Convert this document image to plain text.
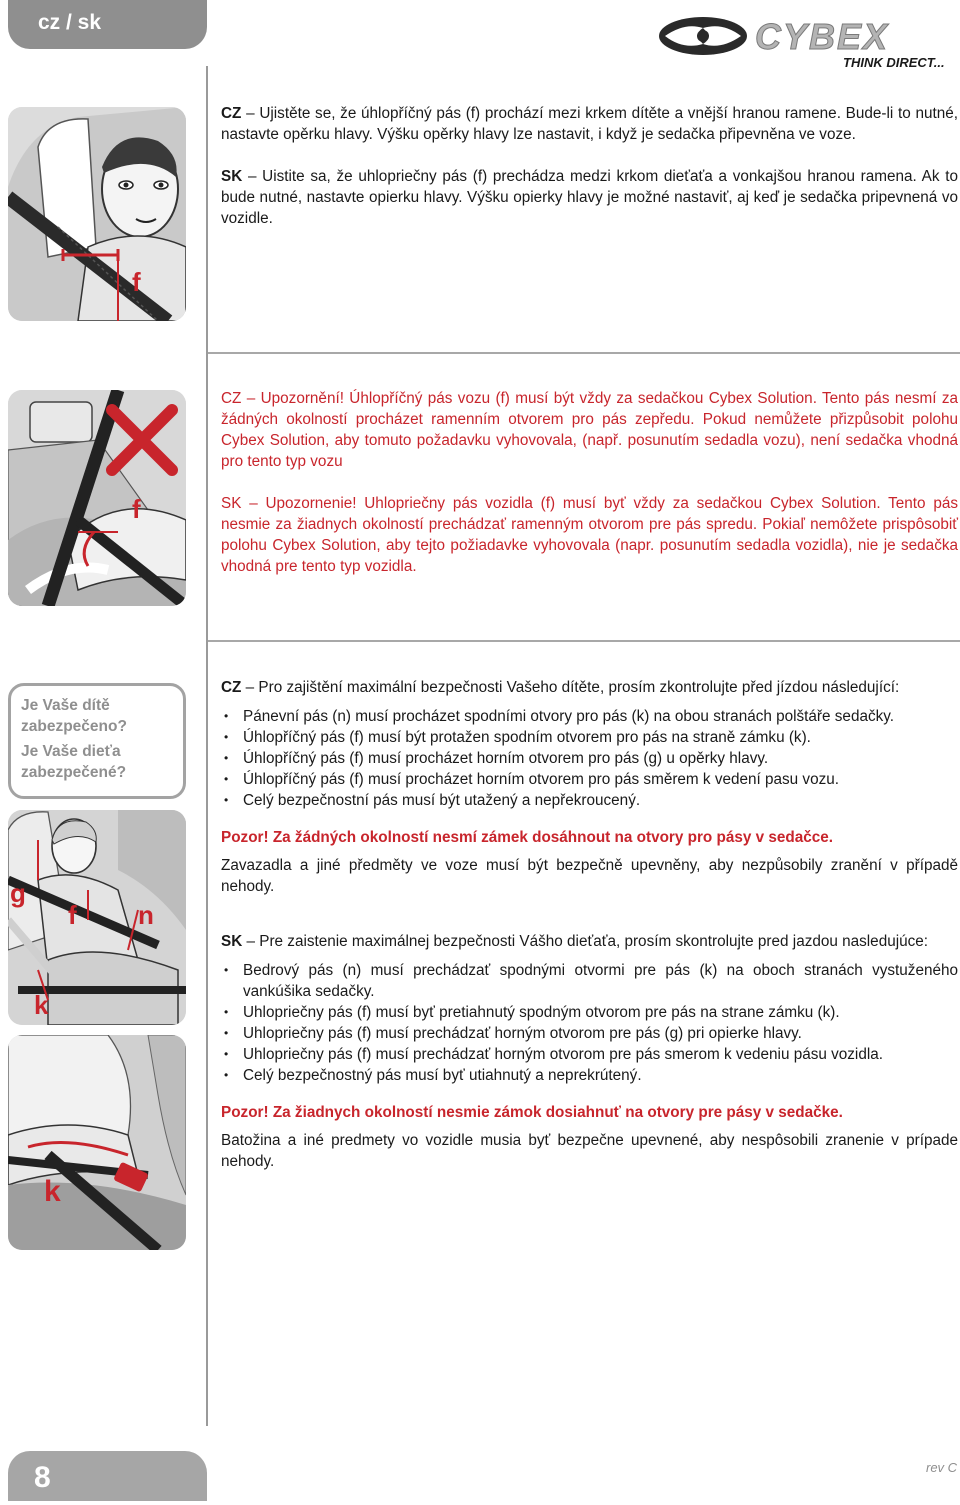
cz / sk	CYBEX
THINK DIRECT...
f

CZ – Ujistěte se, že úhlopříčný pás (f) prochází mezi krkem dítěte a vnější hranou ramene. Bude-li to nutné, nastavte opěrku hlavy. Výšku opěrky hlavy lze nastavit, i když je sedačka připevněna ve voze.

SK – Uistite sa, že uhlopriečny pás (f) prechádza medzi krkom dieťaťa a vonkajšou hranou ramena. Ak to bude nutné, nastavte opierku hlavy. Výšku opierky hlavy je možné nastaviť, aj keď je sedačka pripevnená vo vozidle.

f

CZ – Upozornění! Úhlopříčný pás vozu (f) musí být vždy za sedačkou Cybex Solution. Tento pás nesmí za žádných okolností procházet ramenním otvorem pro pás zepředu. Pokud nemůžete přizpůsobit polohu Cybex Solution, aby tomuto požadavku vyhovovala, (např. posunutím sedadla vozu), není sedačka vhodná pro tento typ vozu

SK – Upozornenie! Uhlopriečny pás vozidla (f) musí byť vždy za sedačkou Cybex Solution. Tento pás nesmie za žiadnych okolností prechádzať ramenným otvorom pre pás spredu. Pokiaľ nemôžete prispôsobiť polohu Cybex Solution, aby tejto požiadavke vyhovovala (napr. posunutím sedadla vozidla), nie je sedačka vhodná pre tento typ vozidla.

Je Vaše dítě zabezpečeno?
Je Vaše dieťa zabezpečené?
g
f n
k
k

CZ – Pro zajištění maximální bezpečnosti Vašeho dítěte, prosím zkontrolujte před jízdou následující:

• Pánevní pás (n) musí procházet spodními otvory pro pás (k) na obou stranách polštáře sedačky.
• Úhlopříčný pás (f) musí být protažen spodním otvorem pro pás na straně zámku (k).
• Úhlopříčný pás (f) musí procházet horním otvorem pro pás (g) u opěrky hlavy.
• Úhlopříčný pás (f) musí procházet horním otvorem pro pás směrem k vedení pasu vozu.
• Celý bezpečnostní pás musí být utažený a nepřekroucený.

Pozor! Za žádných okolností nesmí zámek dosáhnout na otvory pro pásy v sedačce.

Zavazadla a jiné předměty ve voze musí být bezpečně upevněny, aby nezpůsobily zranění v případě nehody.

SK – Pre zaistenie maximálnej bezpečnosti Vášho dieťaťa, prosím skontrolujte pred jazdou nasledujúce:

• Bedrový pás (n) musí prechádzať spodnými otvormi pre pás (k) na oboch stranách vystuženého vankúšika sedačky.
• Uhlopriečny pás (f) musí byť pretiahnutý spodným otvorom pre pás na strane zámku (k).
• Uhlopriečny pás (f) musí prechádzať horným otvorom pre pás (g) pri opierke hlavy.
• Uhlopriečny pás (f) musí prechádzať horným otvorom pre pás smerom k vedeniu pásu vozidla.
• Celý bezpečnostný pás musí byť utiahnutý a neprekrútený.

Pozor! Za žiadnych okolností nesmie zámok dosiahnuť na otvory pre pásy v sedačke.

Batožina a iné predmety vo vozidle musia byť bezpečne upevnené, aby nespôsobili zranenie v prípade nehody.

8	rev C
